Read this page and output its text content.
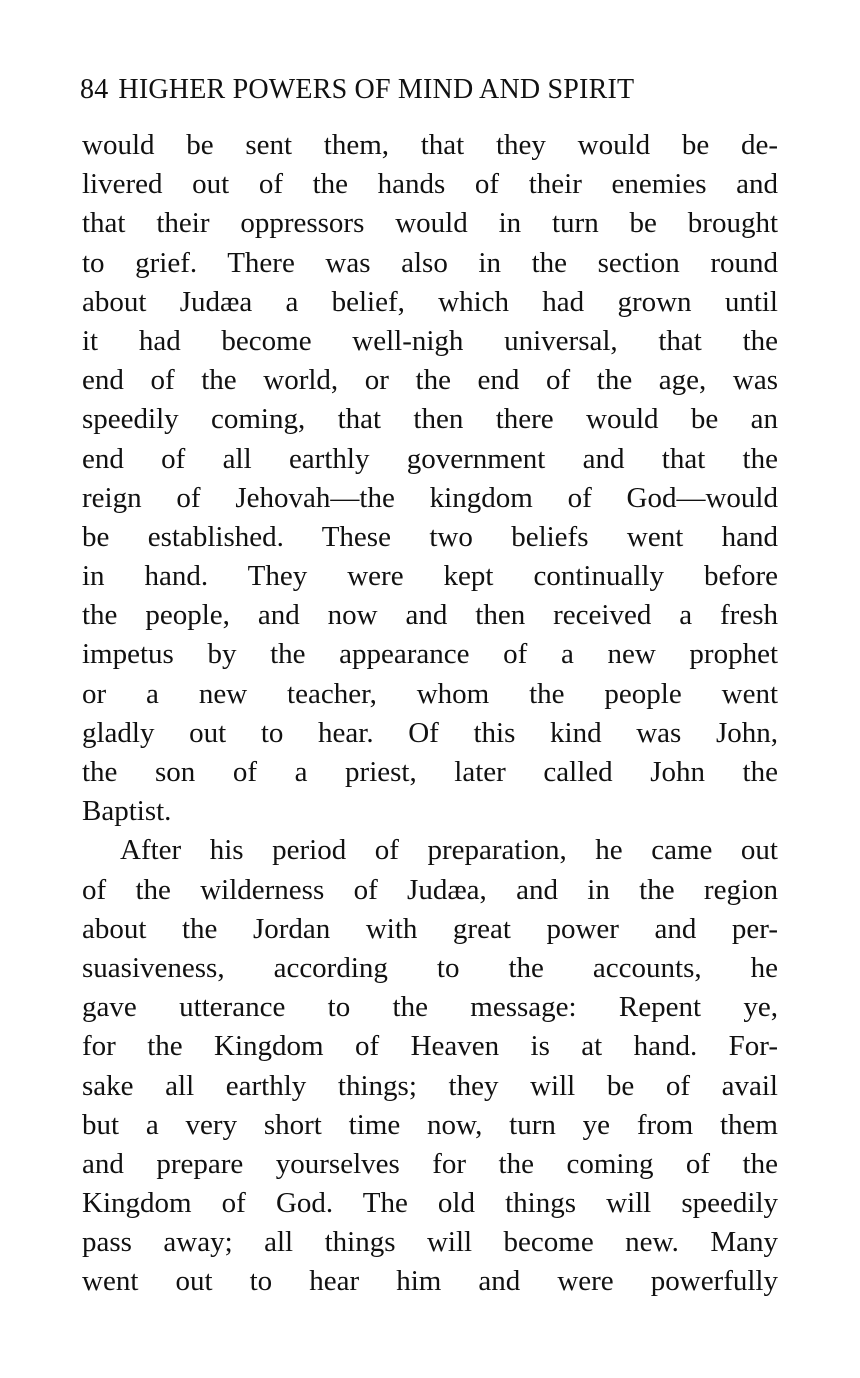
84 HIGHER POWERS OF MIND AND SPIRIT
would be sent them, that they would be de-
livered out of the hands of their enemies and
that their oppressors would in turn be brought
to grief. There was also in the section round
about Judæa a belief, which had grown until
it had become well-nigh universal, that the
end of the world, or the end of the age, was
speedily coming, that then there would be an
end of all earthly government and that the
reign of Jehovah—the kingdom of God—would
be established. These two beliefs went hand
in hand. They were kept continually before
the people, and now and then received a fresh
impetus by the appearance of a new prophet
or a new teacher, whom the people went
gladly out to hear. Of this kind was John,
the son of a priest, later called John the
Baptist.
After his period of preparation, he came out
of the wilderness of Judæa, and in the region
about the Jordan with great power and per-
suasiveness, according to the accounts, he
gave utterance to the message: Repent ye,
for the Kingdom of Heaven is at hand. For-
sake all earthly things; they will be of avail
but a very short time now, turn ye from them
and prepare yourselves for the coming of the
Kingdom of God. The old things will speedily
pass away; all things will become new. Many
went out to hear him and were powerfully
